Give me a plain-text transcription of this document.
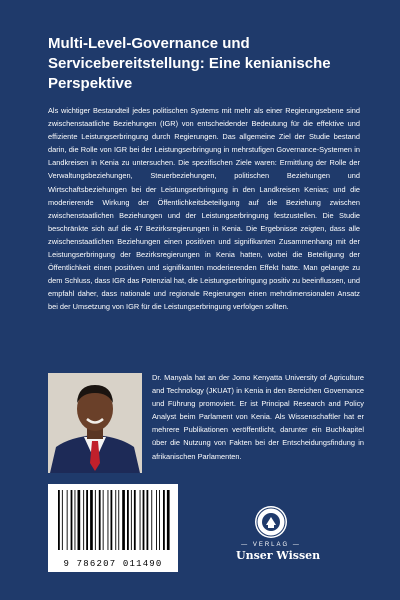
Multi-Level-Governance und Servicebereitstellung: Eine kenianische Perspektive

Als wichtiger Bestandteil jedes politischen Systems mit mehr als einer Regierungsebene sind zwischenstaatliche Beziehungen (IGR) von entscheidender Bedeutung für die effektive und effiziente Leistungserbringung durch Regierungen. Das allgemeine Ziel der Studie bestand darin, die Rolle von IGR bei der Leistungserbringung in mehrstufigen Governance-Systemen in Landkreisen in Kenia zu untersuchen. Die spezifischen Ziele waren: Ermittlung der Rolle der Verwaltungsbeziehungen, Steuerbeziehungen, politischen Beziehungen und Wirtschaftsbeziehungen bei der Leistungserbringung in den Landkreisen Kenias; und die moderierende Wirkung der Öffentlichkeitsbeteiligung auf die Beziehung zwischen zwischenstaatlichen Beziehungen und der Leistungserbringung festzustellen. Die Studie beschränkte sich auf die 47 Bezirksregierungen in Kenia. Die Ergebnisse zeigten, dass alle zwischenstaatlichen Beziehungen einen positiven und signifikanten Zusammenhang mit der Leistungserbringung der Bezirksregierungen in Kenia hatten, wobei die Beteiligung der Öffentlichkeit einen positiven und signifikanten moderierenden Effekt hatte. Man gelangte zu dem Schluss, dass IGR das Potenzial hat, die Leistungserbringung positiv zu beeinflussen, und empfahl daher, dass nationale und regionale Regierungen einen mehrdimensionalen Ansatz bei der Umsetzung von IGR für die Leistungserbringung verfolgen sollten.

Dr. Manyala hat an der Jomo Kenyatta University of Agriculture and Technology (JKUAT) in Kenia in den Bereichen Governance und Führung promoviert. Er ist Principal Research and Policy Analyst beim Parlament von Kenia. Als Wissenschaftler hat er mehrere Publikationen veröffentlicht, darunter ein Buchkapitel über die Nutzung von Fakten bei der Entscheidungsfindung in afrikanischen Parlamenten.

9 786207 011490
— VERLAG —
Unser Wissen
